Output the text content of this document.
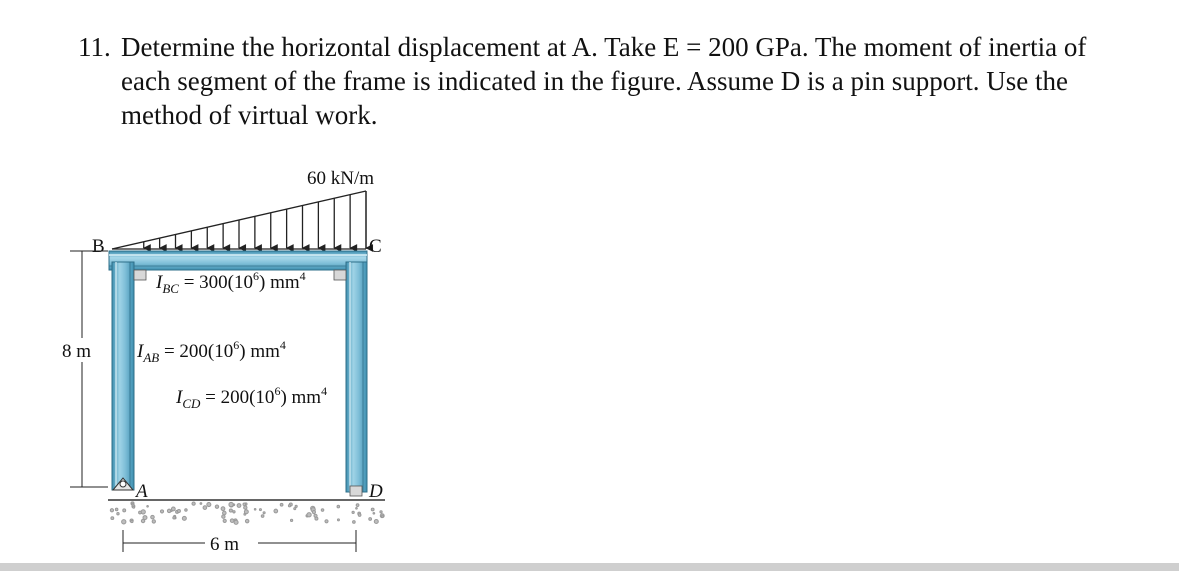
11. Determine the horizontal displacement at A. Take E = 200 GPa. The moment of inertia of
each segment of the frame is indicated in the figure. Assume D is a pin support. Use the
method of virtual work.
60 kN/m
B	C
A	D
8 m
6 m
$I_{BC} = 300(10^6)$ $mm^4$
$I_{AB} = 200(10^6)$ $mm^4$
$I_{CD} = 200(10^6)$ $mm^4$
